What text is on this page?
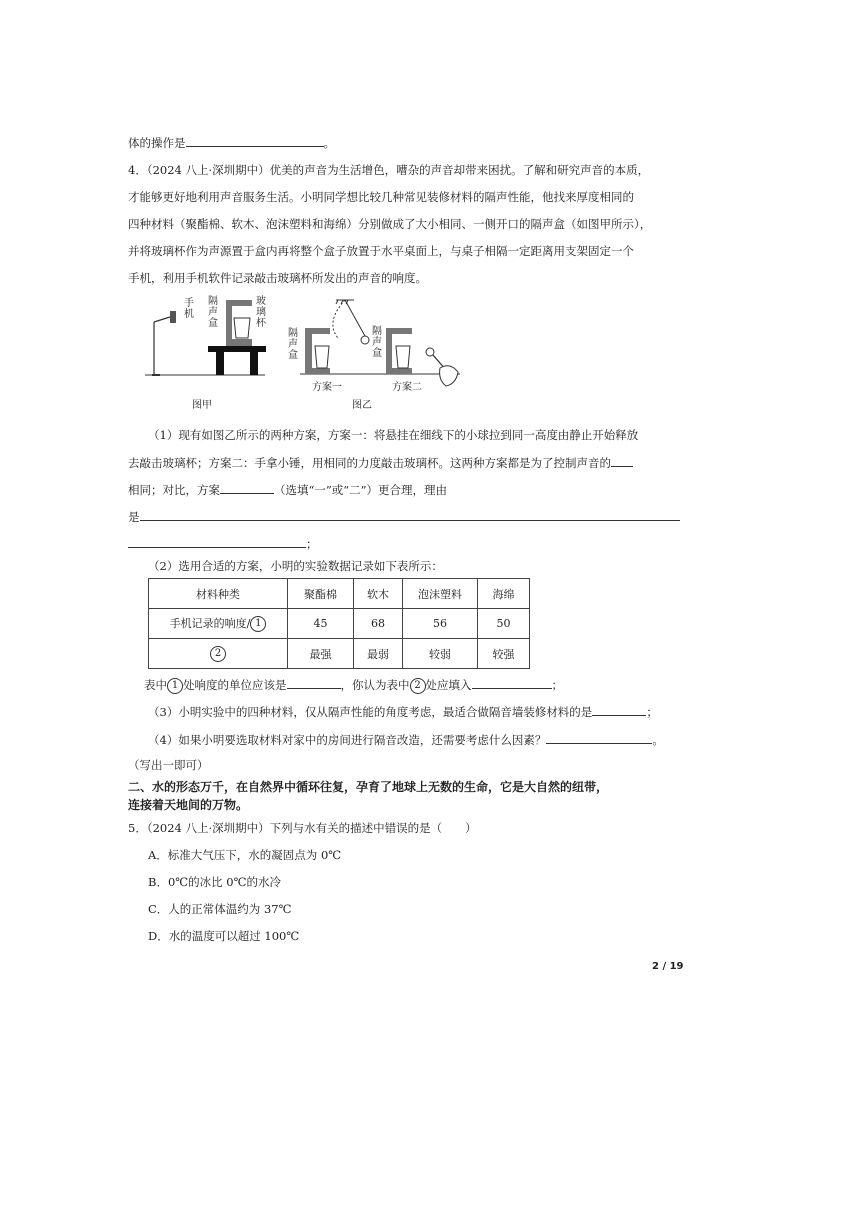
体的操作是	。
4．（2024 八上·深圳期中）优美的声音为生活增色，嘈杂的声音却带来困扰。了解和研究声音的本质，
才能够更好地利用声音服务生活。小明同学想比较几种常见装修材料的隔声性能，他找来厚度相同的
四种材料（聚酯棉、软木、泡沫塑料和海绵）分别做成了大小相同、一侧开口的隔声盒（如图甲所示），
并将玻璃杯作为声源置于盒内再将整个盒子放置于水平桌面上，与桌子相隔一定距离用支架固定一个
手机，利用手机软件记录敲击玻璃杯所发出的声音的响度。
手机
隔声盒
玻璃杯
隔声盒
隔声盒
方案一	方案二
图甲	图乙
（1）现有如图乙所示的两种方案，方案一：将悬挂在细线下的小球拉到同一高度由静止开始释放
去敲击玻璃杯；方案二：手拿小锤，用相同的力度敲击玻璃杯。这两种方案都是为了控制声音的
相同；对比，方案	（选填“一”或“二”）更合理，理由
是
；
（2）选用合适的方案，小明的实验数据记录如下表所示：
材料种类	聚酯棉	软木	泡沫塑料	海绵
手机记录的响度/ 1	45	68	56	50
2	最强	最弱	较弱	较强
表中 1 处响度的单位应该是	，你认为表中 2 处应填入	；
（3）小明实验中的四种材料，仅从隔声性能的角度考虑，最适合做隔音墙装修材料的是	；
（4）如果小明要选取材料对家中的房间进行隔音改造，还需要考虑什么因素？	。
（写出一即可）
二、水的形态万千，在自然界中循环往复，孕育了地球上无数的生命，它是大自然的纽带，
连接着天地间的万物。
5．（2024 八上·深圳期中）下列与水有关的描述中错误的是（　　）
A．标准大气压下，水的凝固点为 0℃
B．0℃的冰比 0℃的水冷
C．人的正常体温约为 37℃
D．水的温度可以超过 100℃
2 / 19
